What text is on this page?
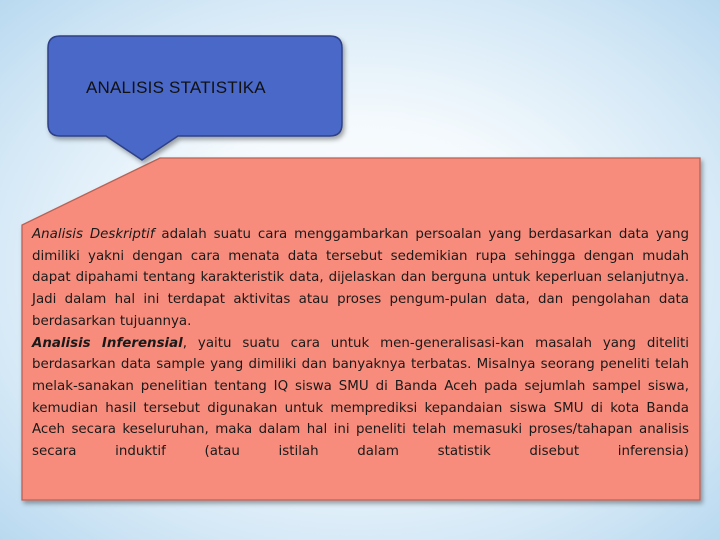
ANALISIS STATISTIKA
Analisis Deskriptif adalah suatu cara menggambarkan persoalan yang berdasarkan data yang dimiliki yakni dengan cara menata data tersebut sedemikian rupa sehingga dengan mudah dapat dipahami tentang karakteristik data, dijelaskan dan berguna untuk keperluan selanjutnya. Jadi dalam hal ini terdapat aktivitas atau proses pengum-pulan data, dan pengolahan data berdasarkan tujuannya.
Analisis Inferensial, yaitu suatu cara untuk men-generalisasi-kan masalah yang diteliti berdasarkan data sample yang dimiliki dan banyaknya terbatas. Misalnya seorang peneliti telah melak-sanakan penelitian tentang IQ siswa SMU di Banda Aceh pada sejumlah sampel siswa, kemudian hasil tersebut digunakan untuk memprediksi kepandaian siswa SMU di kota Banda Aceh secara keseluruhan, maka dalam hal ini peneliti telah memasuki proses/tahapan analisis secara induktif (atau istilah dalam statistik disebut inferensia)
